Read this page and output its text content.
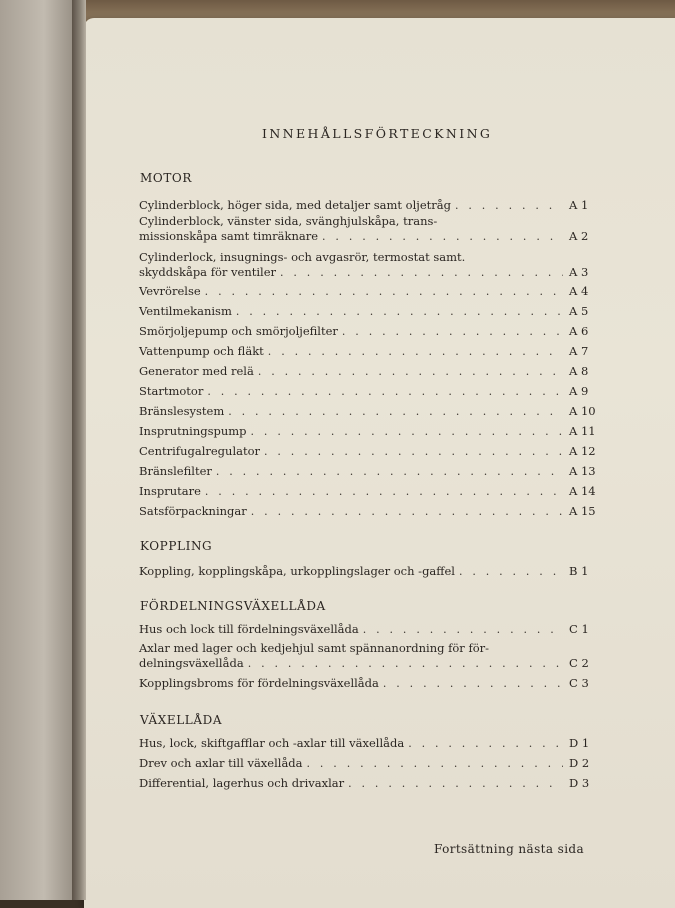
INNEHÅLLSFÖRTECKNING
MOTOR
Cylinderblock, höger sida, med detaljer samt oljetråg . . .	A 1
Cylinderblock, vänster sida, svänghjulskåpa, trans-
missionskåpa samt timräknare . . .	A 2
Cylinderlock, insugnings- och avgasrör, termostat samt.
skyddskåpa för ventiler . . .	A 3
Vevrörelse . . .	A 4
Ventilmekanism . . .	A 5
Smörjoljepump och smörjoljefilter . . .	A 6
Vattenpump och fläkt . . .	A 7
Generator med relä . . .	A 8
Startmotor . . .	A 9
Bränslesystem . . .	A 10
Insprutningspump . . .	A 11
Centrifugalregulator . . .	A 12
Bränslefilter . . .	A 13
Insprutare . . .	A 14
Satsförpackningar . . .	A 15
KOPPLING
Koppling, kopplingskåpa, urkopplingslager och -gaffel . . .	B 1
FÖRDELNINGSVÄXELLÅDA
Hus och lock till fördelningsväxellåda . . .	C 1
Axlar med lager och kedjehjul samt spännanordning för för-
delningsväxellåda . . .	C 2
Kopplingsbroms för fördelningsväxellåda . . .	C 3
VÄXELLÅDA
Hus, lock, skiftgafflar och -axlar till växellåda . . .	D 1
Drev och axlar till växellåda . . .	D 2
Differential, lagerhus och drivaxlar . . .	D 3
Fortsättning nästa sida
